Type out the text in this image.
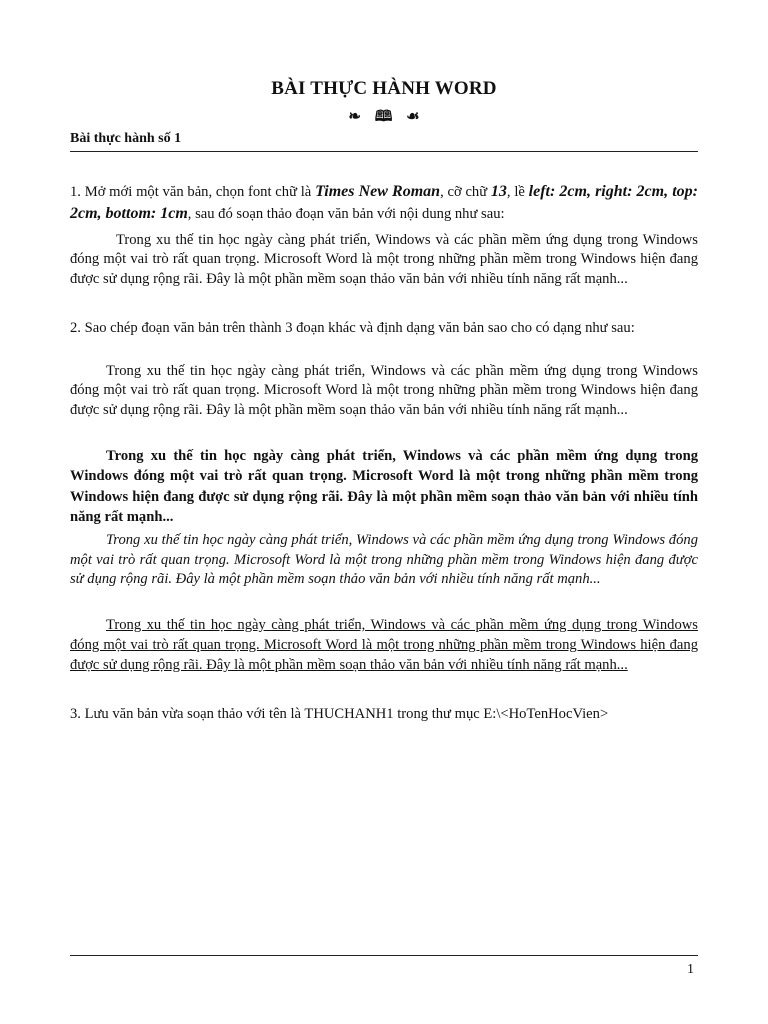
BÀI THỰC HÀNH WORD
❧ 🕮 ☙
Bài thực hành số 1
1. Mở mới một văn bản, chọn font chữ là Times New Roman, cỡ chữ 13, lề left: 2cm, right: 2cm, top: 2cm, bottom: 1cm, sau đó soạn thảo đoạn văn bản với nội dung như sau:
Trong xu thế tin học ngày càng phát triển, Windows và các phần mềm ứng dụng trong Windows đóng một vai trò rất quan trọng. Microsoft Word là một trong những phần mềm trong Windows hiện đang được sử dụng rộng rãi. Đây là một phần mềm soạn thảo văn bản với nhiều tính năng rất mạnh...
2. Sao chép đoạn văn bản trên thành 3 đoạn khác và định dạng văn bản sao cho có dạng như sau:
Trong xu thế tin học ngày càng phát triển, Windows và các phần mềm ứng dụng trong Windows đóng một vai trò rất quan trọng. Microsoft Word là một trong những phần mềm trong Windows hiện đang được sử dụng rộng rãi. Đây là một phần mềm soạn thảo văn bản với nhiều tính năng rất mạnh...
Trong xu thế tin học ngày càng phát triển, Windows và các phần mềm ứng dụng trong Windows đóng một vai trò rất quan trọng. Microsoft Word là một trong những phần mềm trong Windows hiện đang được sử dụng rộng rãi. Đây là một phần mềm soạn thảo văn bản với nhiều tính năng rất mạnh...
Trong xu thế tin học ngày càng phát triển, Windows và các phần mềm ứng dụng trong Windows đóng một vai trò rất quan trọng. Microsoft Word là một trong những phần mềm trong Windows hiện đang được sử dụng rộng rãi. Đây là một phần mềm soạn thảo văn bản với nhiều tính năng rất mạnh...
Trong xu thế tin học ngày càng phát triển, Windows và các phần mềm ứng dụng trong Windows đóng một vai trò rất quan trọng. Microsoft Word là một trong những phần mềm trong Windows hiện đang được sử dụng rộng rãi. Đây là một phần mềm soạn thảo văn bản với nhiều tính năng rất mạnh...
3. Lưu văn bản vừa soạn thảo với tên là THUCHANH1 trong thư mục E:\<HoTenHocVien>
1
